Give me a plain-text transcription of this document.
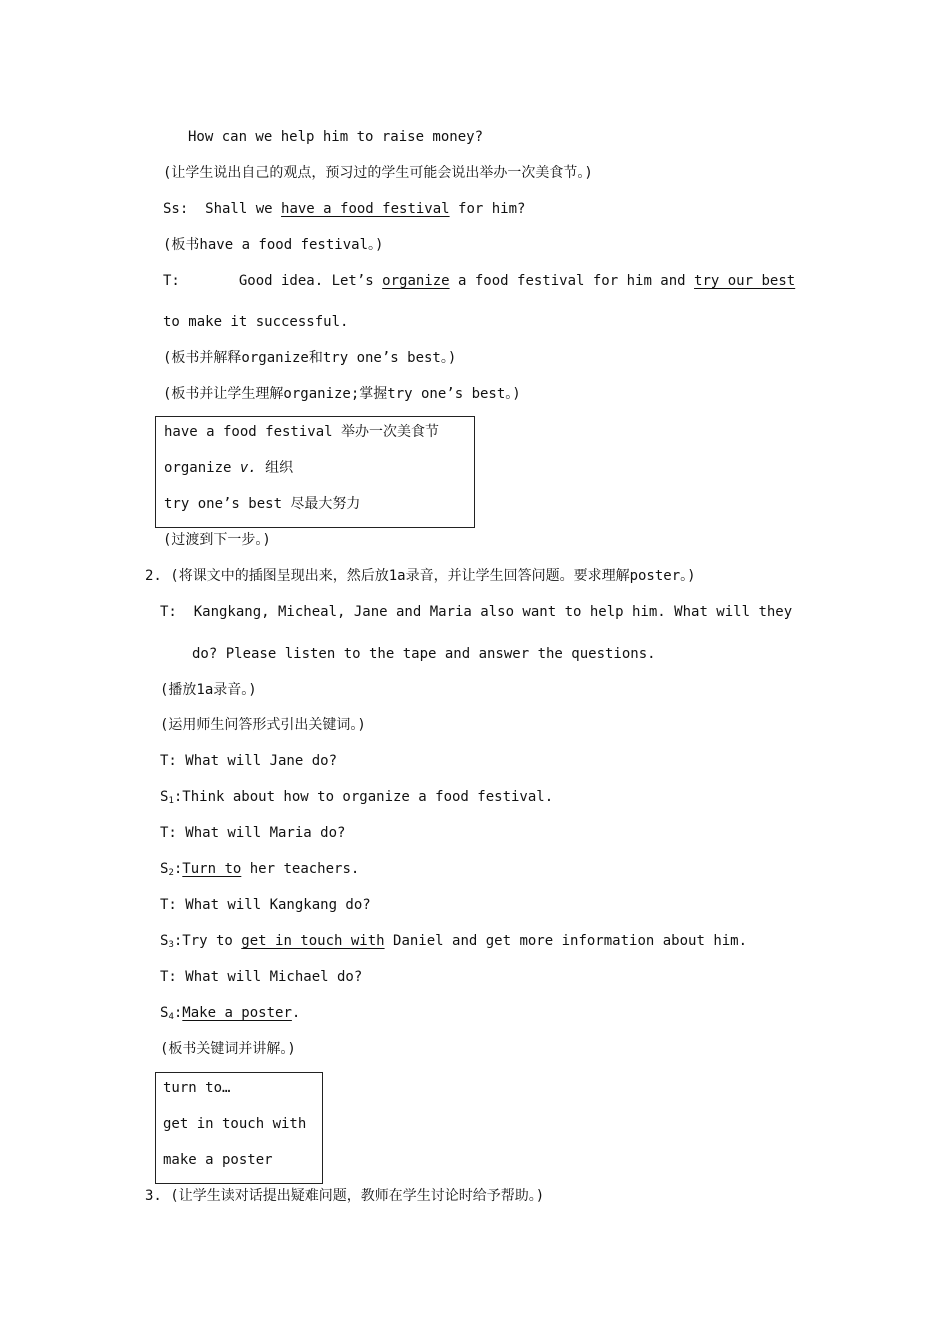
How can we help him to raise money?
(让学生说出自己的观点，预习过的学生可能会说出举办一次美食节。)
Ss:  Shall we have a food festival for him?
(板书have a food festival。)
T:       Good idea. Let’s organize a food festival for him and try our best
to make it successful.
(板书并解释organize和try one’s best。)
(板书并让学生理解organize;掌握try one’s best。)
have a food festival 举办一次美食节
organize v. 组织
try one’s best 尽最大努力
(过渡到下一步。)
2. (将课文中的插图呈现出来，然后放1a录音，并让学生回答问题。要求理解poster。)
T:  Kangkang, Micheal, Jane and Maria also want to help him. What will they
do? Please listen to the tape and answer the questions.
(播放1a录音。)
(运用师生问答形式引出关键词。)
T: What will Jane do?
$S_1:Think$ about how to organize a food festival.
T: What will Maria do?
$S_2:Turn$ to her teachers.
T: What will Kangkang do?
$S_3:Try$ to get in touch with Daniel and get more information about him.
T: What will Michael do?
$S_4:Make$ a poster.
(板书关键词并讲解。)
turn to…
get in touch with
make a poster
3. (让学生读对话提出疑难问题，教师在学生讨论时给予帮助。)
